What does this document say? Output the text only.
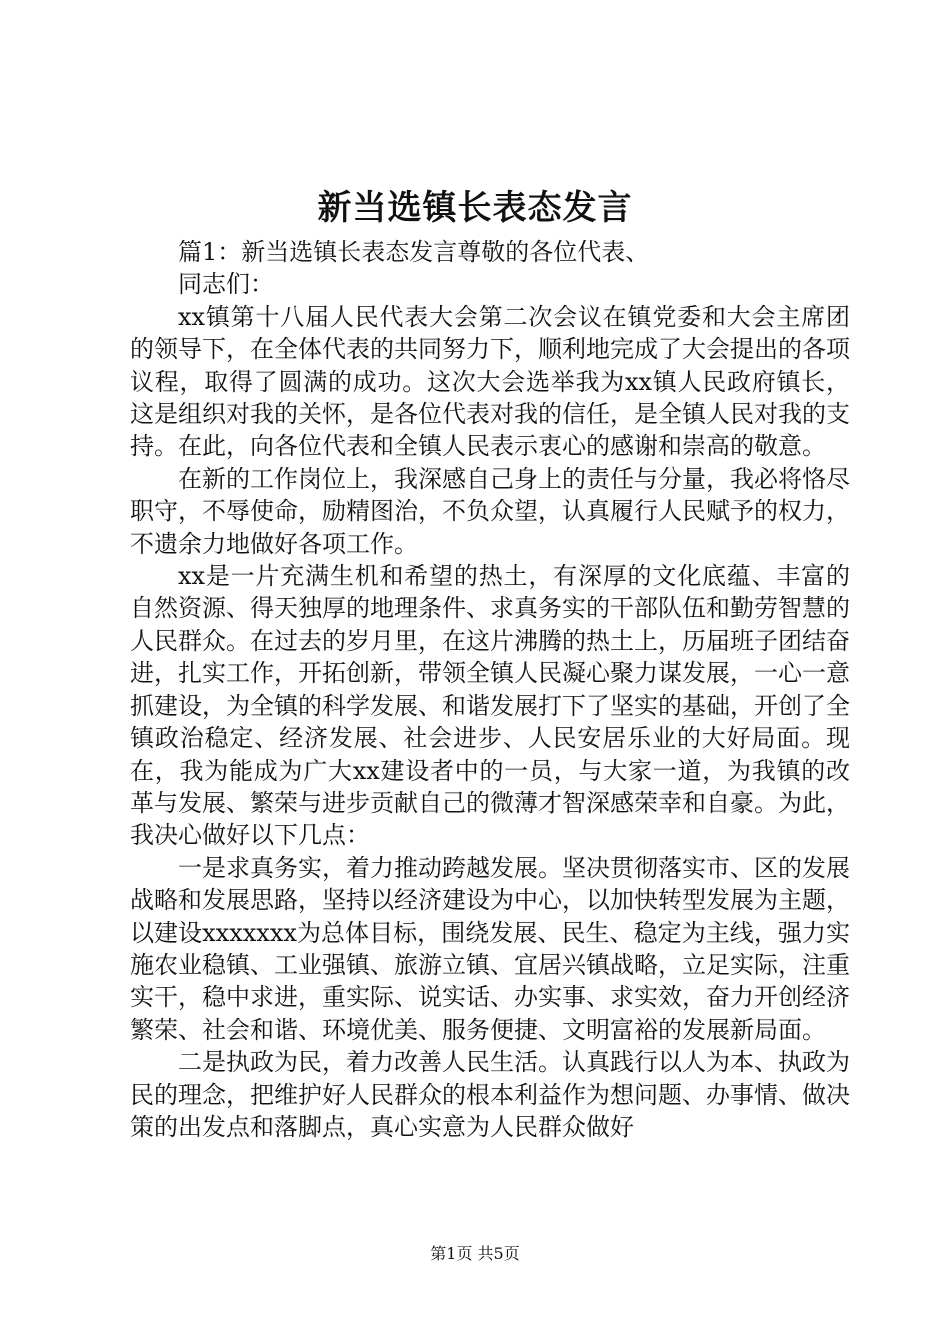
新当选镇长表态发言

篇1：新当选镇长表态发言尊敬的各位代表、

同志们：

xx镇第十八届人民代表大会第二次会议在镇党委和大会主席团的领导下，在全体代表的共同努力下，顺利地完成了大会提出的各项议程，取得了圆满的成功。这次大会选举我为xx镇人民政府镇长，这是组织对我的关怀，是各位代表对我的信任，是全镇人民对我的支持。在此，向各位代表和全镇人民表示衷心的感谢和崇高的敬意。

在新的工作岗位上，我深感自己身上的责任与分量，我必将恪尽职守，不辱使命，励精图治，不负众望，认真履行人民赋予的权力，不遗余力地做好各项工作。

xx是一片充满生机和希望的热土，有深厚的文化底蕴、丰富的自然资源、得天独厚的地理条件、求真务实的干部队伍和勤劳智慧的人民群众。在过去的岁月里，在这片沸腾的热土上，历届班子团结奋进，扎实工作，开拓创新，带领全镇人民凝心聚力谋发展，一心一意抓建设，为全镇的科学发展、和谐发展打下了坚实的基础，开创了全镇政治稳定、经济发展、社会进步、人民安居乐业的大好局面。现在，我为能成为广大xx建设者中的一员，与大家一道，为我镇的改革与发展、繁荣与进步贡献自己的微薄才智深感荣幸和自豪。为此，我决心做好以下几点：

一是求真务实，着力推动跨越发展。坚决贯彻落实市、区的发展战略和发展思路，坚持以经济建设为中心，以加快转型发展为主题，以建设xxxxxxx为总体目标，围绕发展、民生、稳定为主线，强力实施农业稳镇、工业强镇、旅游立镇、宜居兴镇战略，立足实际，注重实干，稳中求进，重实际、说实话、办实事、求实效，奋力开创经济繁荣、社会和谐、环境优美、服务便捷、文明富裕的发展新局面。

二是执政为民，着力改善人民生活。认真践行以人为本、执政为民的理念，把维护好人民群众的根本利益作为想问题、办事情、做决策的出发点和落脚点，真心实意为人民群众做好

第1页 共5页
